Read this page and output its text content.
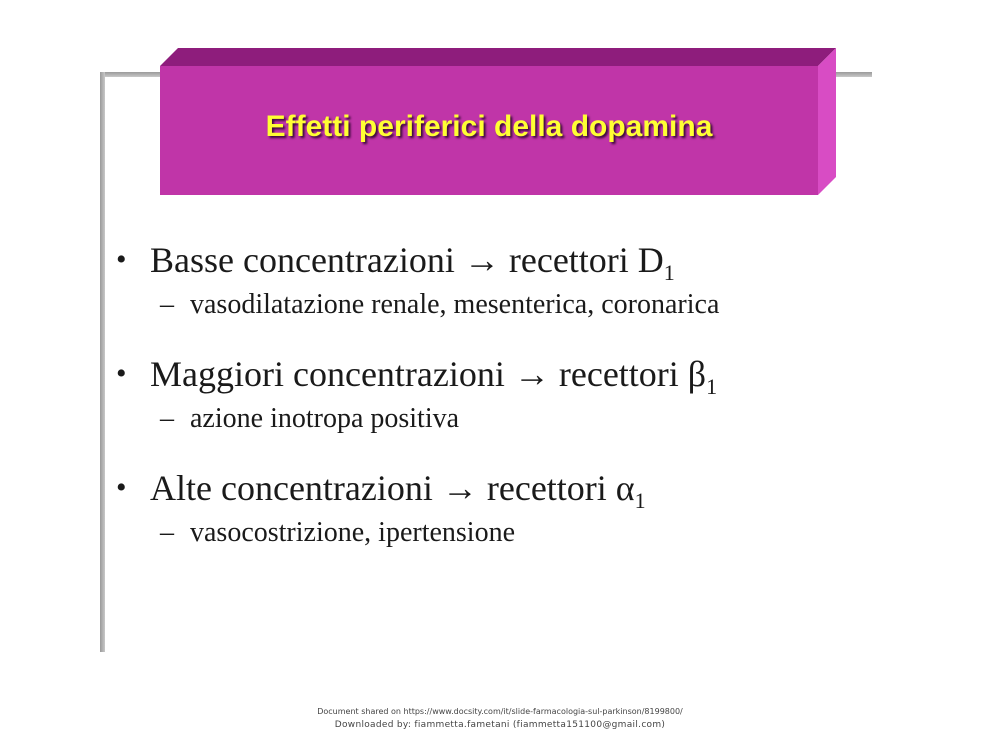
Effetti periferici della dopamina
• Basse concentrazioni → recettori $D_1$
– vasodilatazione renale, mesenterica, coronarica
• Maggiori concentrazioni → recettori $\beta_1$
– azione inotropa positiva
• Alte concentrazioni → recettori $\alpha_1$
– vasocostrizione, ipertensione
Document shared on https://www.docsity.com/it/slide-farmacologia-sul-parkinson/8199800/
Downloaded by: fiammetta.fametani (fiammetta151100@gmail.com)
